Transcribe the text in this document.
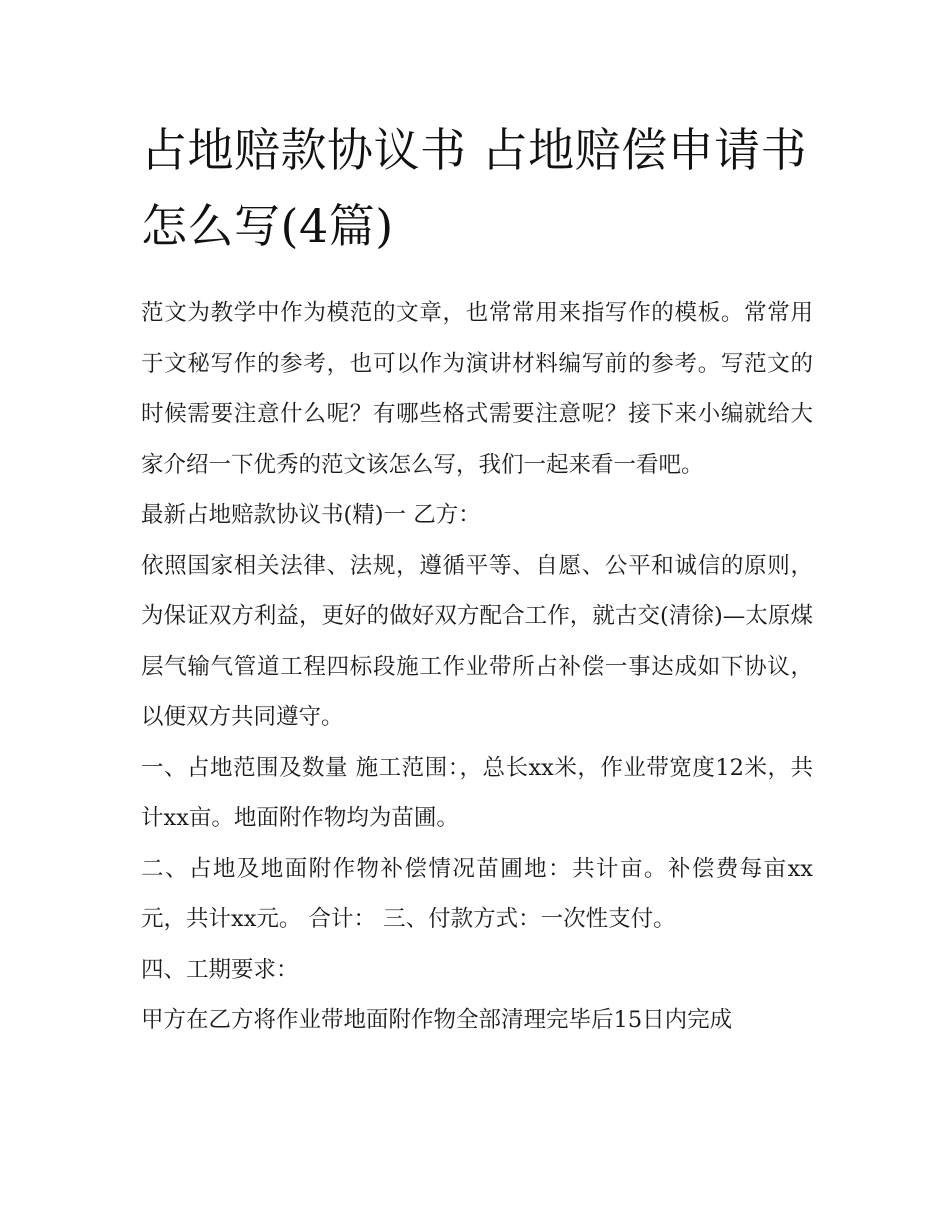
占地赔款协议书 占地赔偿申请书怎么写(4篇)

范文为教学中作为模范的文章，也常常用来指写作的模板。常常用于文秘写作的参考，也可以作为演讲材料编写前的参考。写范文的时候需要注意什么呢？有哪些格式需要注意呢？接下来小编就给大家介绍一下优秀的范文该怎么写，我们一起来看一看吧。

最新占地赔款协议书(精)一 乙方：

依照国家相关法律、法规，遵循平等、自愿、公平和诚信的原则，为保证双方利益，更好的做好双方配合工作，就古交(清徐)—太原煤层气输气管道工程四标段施工作业带所占补偿一事达成如下协议，以便双方共同遵守。

一、占地范围及数量 施工范围：，总长xx米，作业带宽度12米，共计xx亩。地面附作物均为苗圃。

二、占地及地面附作物补偿情况苗圃地：共计亩。补偿费每亩xx元，共计xx元。 合计： 三、付款方式：一次性支付。

四、工期要求：

甲方在乙方将作业带地面附作物全部清理完毕后15日内完成
